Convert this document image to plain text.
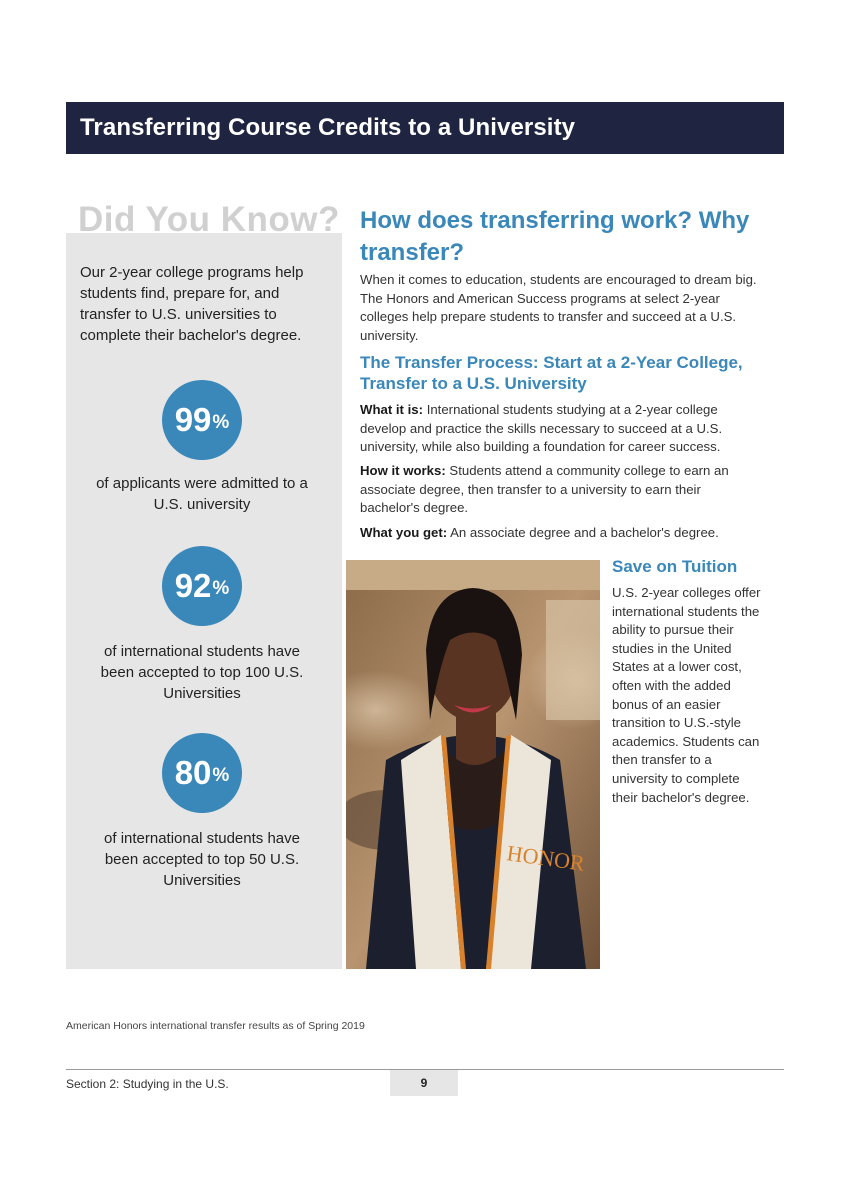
Transferring Course Credits to a University
Did You Know?
Our 2-year college programs help students find, prepare for, and transfer to U.S. universities to complete their bachelor's degree.
99 %
of applicants were admitted to a U.S. university
92 %
of international students have been accepted to top 100 U.S. Universities
80 %
of international students have been accepted to top 50 U.S. Universities
How does transferring work? Why transfer?
When it comes to education, students are encouraged to dream big. The Honors and American Success programs at select 2-year colleges help prepare students to transfer and succeed at a U.S. university.
The Transfer Process: Start at a 2-Year College, Transfer to a U.S. University
What it is: International students studying at a 2-year college develop and practice the skills necessary to succeed at a U.S. university, while also building a foundation for career success.
How it works: Students attend a community college to earn an associate degree, then transfer to a university to earn their bachelor's degree.
What you get: An associate degree and a bachelor's degree.
HONOR
Save on Tuition
U.S. 2-year colleges offer international students the ability to pursue their studies in the United States at a lower cost, often with the added bonus of an easier transition to U.S.-style academics. Students can then transfer to a university to complete their bachelor's degree.
American Honors international transfer results as of Spring 2019
Section 2: Studying in the U.S.	9
